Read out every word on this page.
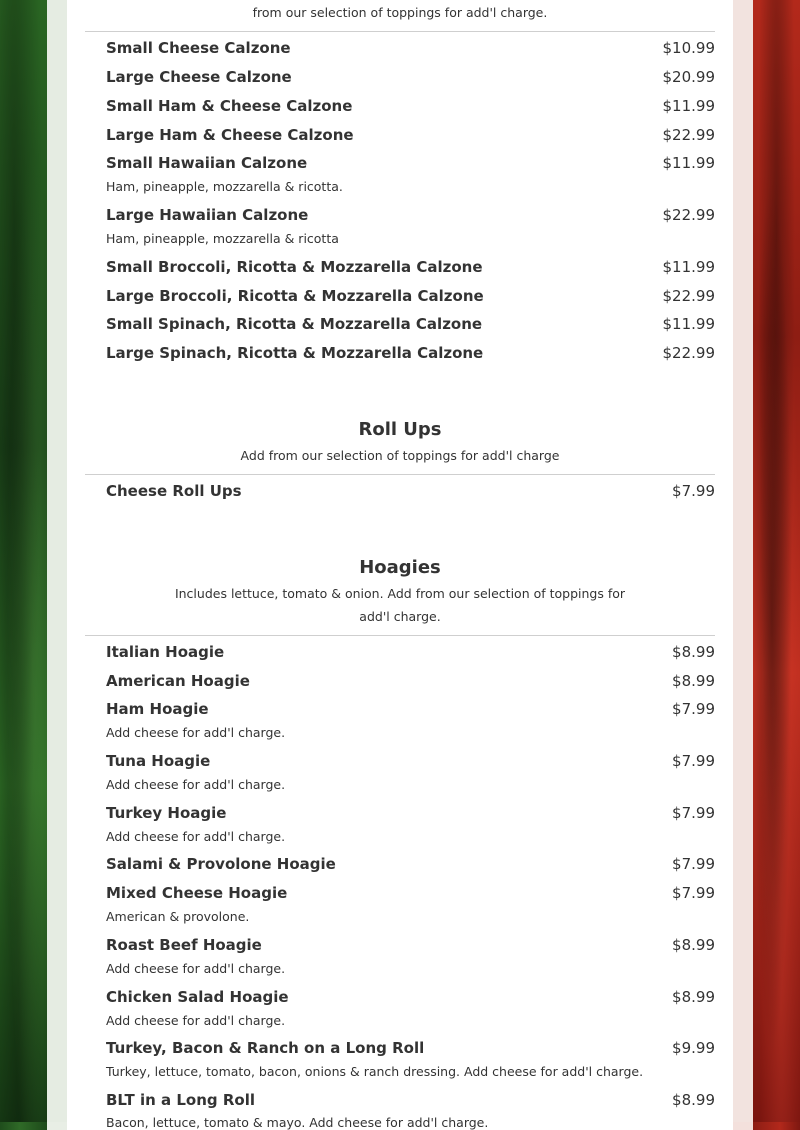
from our selection of toppings for add'l charge.
Small Cheese Calzone	$10.99
Large Cheese Calzone	$20.99
Small Ham & Cheese Calzone	$11.99
Large Ham & Cheese Calzone	$22.99
Small Hawaiian Calzone	$11.99
Ham, pineapple, mozzarella & ricotta.
Large Hawaiian Calzone	$22.99
Ham, pineapple, mozzarella & ricotta
Small Broccoli, Ricotta & Mozzarella Calzone	$11.99
Large Broccoli, Ricotta & Mozzarella Calzone	$22.99
Small Spinach, Ricotta & Mozzarella Calzone	$11.99
Large Spinach, Ricotta & Mozzarella Calzone	$22.99
Roll Ups
Add from our selection of toppings for add'l charge
Cheese Roll Ups	$7.99
Hoagies
Includes lettuce, tomato & onion. Add from our selection of toppings for add'l charge.
Italian Hoagie	$8.99
American Hoagie	$8.99
Ham Hoagie	$7.99
Add cheese for add'l charge.
Tuna Hoagie	$7.99
Add cheese for add'l charge.
Turkey Hoagie	$7.99
Add cheese for add'l charge.
Salami & Provolone Hoagie	$7.99
Mixed Cheese Hoagie	$7.99
American & provolone.
Roast Beef Hoagie	$8.99
Add cheese for add'l charge.
Chicken Salad Hoagie	$8.99
Add cheese for add'l charge.
Turkey, Bacon & Ranch on a Long Roll	$9.99
Turkey, lettuce, tomato, bacon, onions & ranch dressing. Add cheese for add'l charge.
BLT in a Long Roll	$8.99
Bacon, lettuce, tomato & mayo. Add cheese for add'l charge.
